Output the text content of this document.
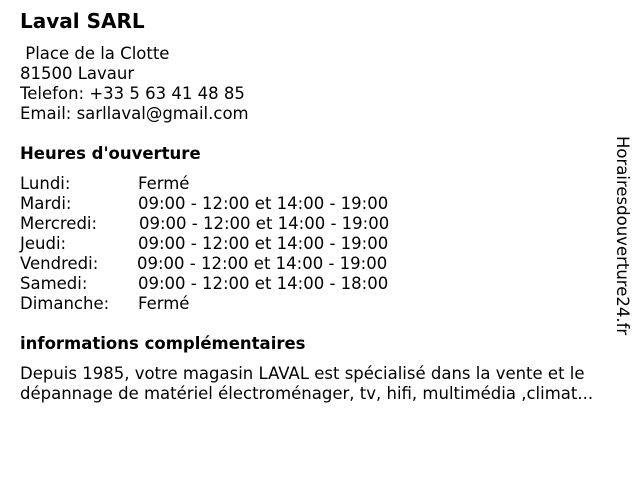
Laval SARL
Place de la Clotte
81500 Lavaur
Telefon: +33 5 63 41 48 85
Email: sarllaval@gmail.com
Heures d'ouverture
Lundi:	Fermé
Mardi:	09:00 - 12:00 et 14:00 - 19:00
Mercredi:	09:00 - 12:00 et 14:00 - 19:00
Jeudi:	09:00 - 12:00 et 14:00 - 19:00
Vendredi: 09:00 - 12:00 et 14:00 - 19:00
Samedi:	09:00 - 12:00 et 14:00 - 18:00
Dimanche: Fermé
informations complémentaires
Depuis 1985, votre magasin LAVAL est spécialisé dans la vente et le
dépannage de matériel électroménager, tv, hifi, multimédia ,climat...
Horairesdouverture24.fr
